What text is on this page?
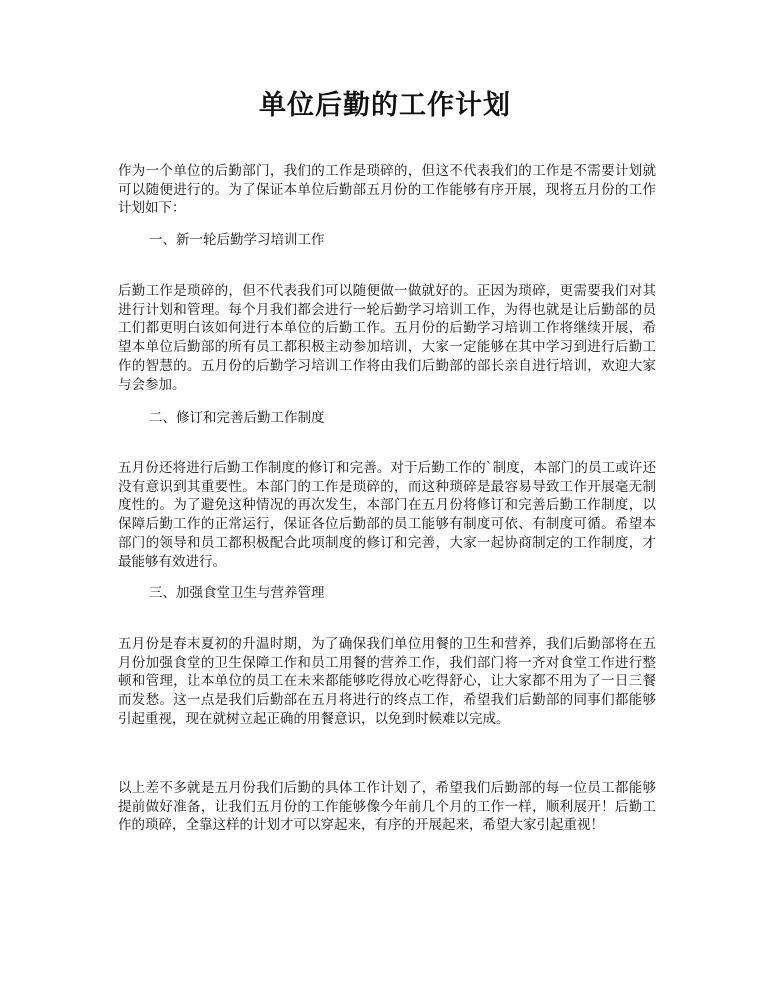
单位后勤的工作计划

作为一个单位的后勤部门，我们的工作是琐碎的，但这不代表我们的工作是不需要计划就可以随便进行的。为了保证本单位后勤部五月份的工作能够有序开展，现将五月份的工作计划如下：

一、新一轮后勤学习培训工作

后勤工作是琐碎的，但不代表我们可以随便做一做就好的。正因为琐碎，更需要我们对其进行计划和管理。每个月我们都会进行一轮后勤学习培训工作，为得也就是让后勤部的员工们都更明白该如何进行本单位的后勤工作。五月份的后勤学习培训工作将继续开展，希望本单位后勤部的所有员工都积极主动参加培训，大家一定能够在其中学习到进行后勤工作的智慧的。五月份的后勤学习培训工作将由我们后勤部的部长亲自进行培训，欢迎大家与会参加。

二、修订和完善后勤工作制度

五月份还将进行后勤工作制度的修订和完善。对于后勤工作的`制度，本部门的员工或许还没有意识到其重要性。本部门的工作是琐碎的，而这种琐碎是最容易导致工作开展毫无制度性的。为了避免这种情况的再次发生，本部门在五月份将修订和完善后勤工作制度，以保障后勤工作的正常运行，保证各位后勤部的员工能够有制度可依、有制度可循。希望本部门的领导和员工都积极配合此项制度的修订和完善，大家一起协商制定的工作制度，才最能够有效进行。

三、加强食堂卫生与营养管理

五月份是春末夏初的升温时期，为了确保我们单位用餐的卫生和营养，我们后勤部将在五月份加强食堂的卫生保障工作和员工用餐的营养工作，我们部门将一齐对食堂工作进行整顿和管理，让本单位的员工在未来都能够吃得放心吃得舒心，让大家都不用为了一日三餐而发愁。这一点是我们后勤部在五月将进行的终点工作，希望我们后勤部的同事们都能够引起重视，现在就树立起正确的用餐意识，以免到时候难以完成。

以上差不多就是五月份我们后勤的具体工作计划了，希望我们后勤部的每一位员工都能够提前做好准备，让我们五月份的工作能够像今年前几个月的工作一样，顺利展开！后勤工作的琐碎，全靠这样的计划才可以穿起来，有序的开展起来，希望大家引起重视！
